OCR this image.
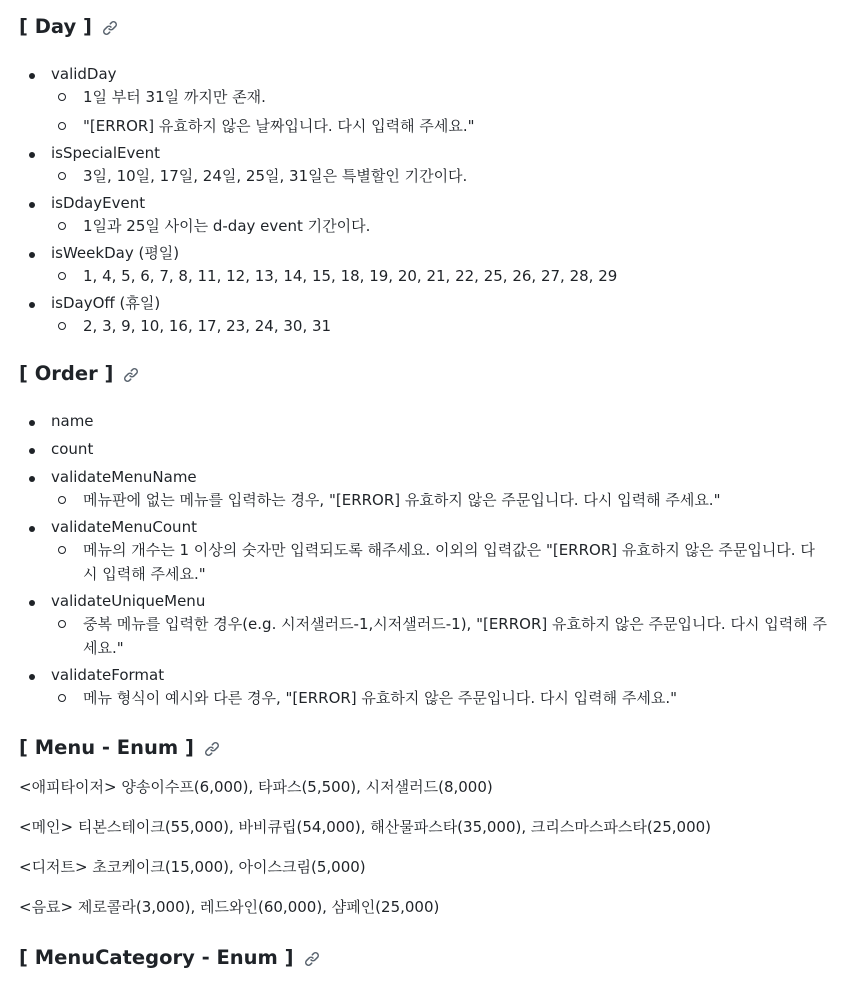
[ Day ]
validDay
1일 부터 31일 까지만 존재.
"[ERROR] 유효하지 않은 날짜입니다. 다시 입력해 주세요."
isSpecialEvent
3일, 10일, 17일, 24일, 25일, 31일은 특별할인 기간이다.
isDdayEvent
1일과 25일 사이는 d-day event 기간이다.
isWeekDay (평일)
1, 4, 5, 6, 7, 8, 11, 12, 13, 14, 15, 18, 19, 20, 21, 22, 25, 26, 27, 28, 29
isDayOff (휴일)
2, 3, 9, 10, 16, 17, 23, 24, 30, 31
[ Order ]
name
count
validateMenuName
메뉴판에 없는 메뉴를 입력하는 경우, "[ERROR] 유효하지 않은 주문입니다. 다시 입력해 주세요."
validateMenuCount
메뉴의 개수는 1 이상의 숫자만 입력되도록 해주세요. 이외의 입력값은 "[ERROR] 유효하지 않은 주문입니다. 다시 입력해 주세요."
validateUniqueMenu
중복 메뉴를 입력한 경우(e.g. 시저샐러드-1,시저샐러드-1), "[ERROR] 유효하지 않은 주문입니다. 다시 입력해 주세요."
validateFormat
메뉴 형식이 예시와 다른 경우, "[ERROR] 유효하지 않은 주문입니다. 다시 입력해 주세요."
[ Menu - Enum ]

<애피타이저> 양송이수프(6,000), 타파스(5,500), 시저샐러드(8,000)

<메인> 티본스테이크(55,000), 바비큐립(54,000), 해산물파스타(35,000), 크리스마스파스타(25,000)

<디저트> 초코케이크(15,000), 아이스크림(5,000)

<음료> 제로콜라(3,000), 레드와인(60,000), 샴페인(25,000)

[ MenuCategory - Enum ]
